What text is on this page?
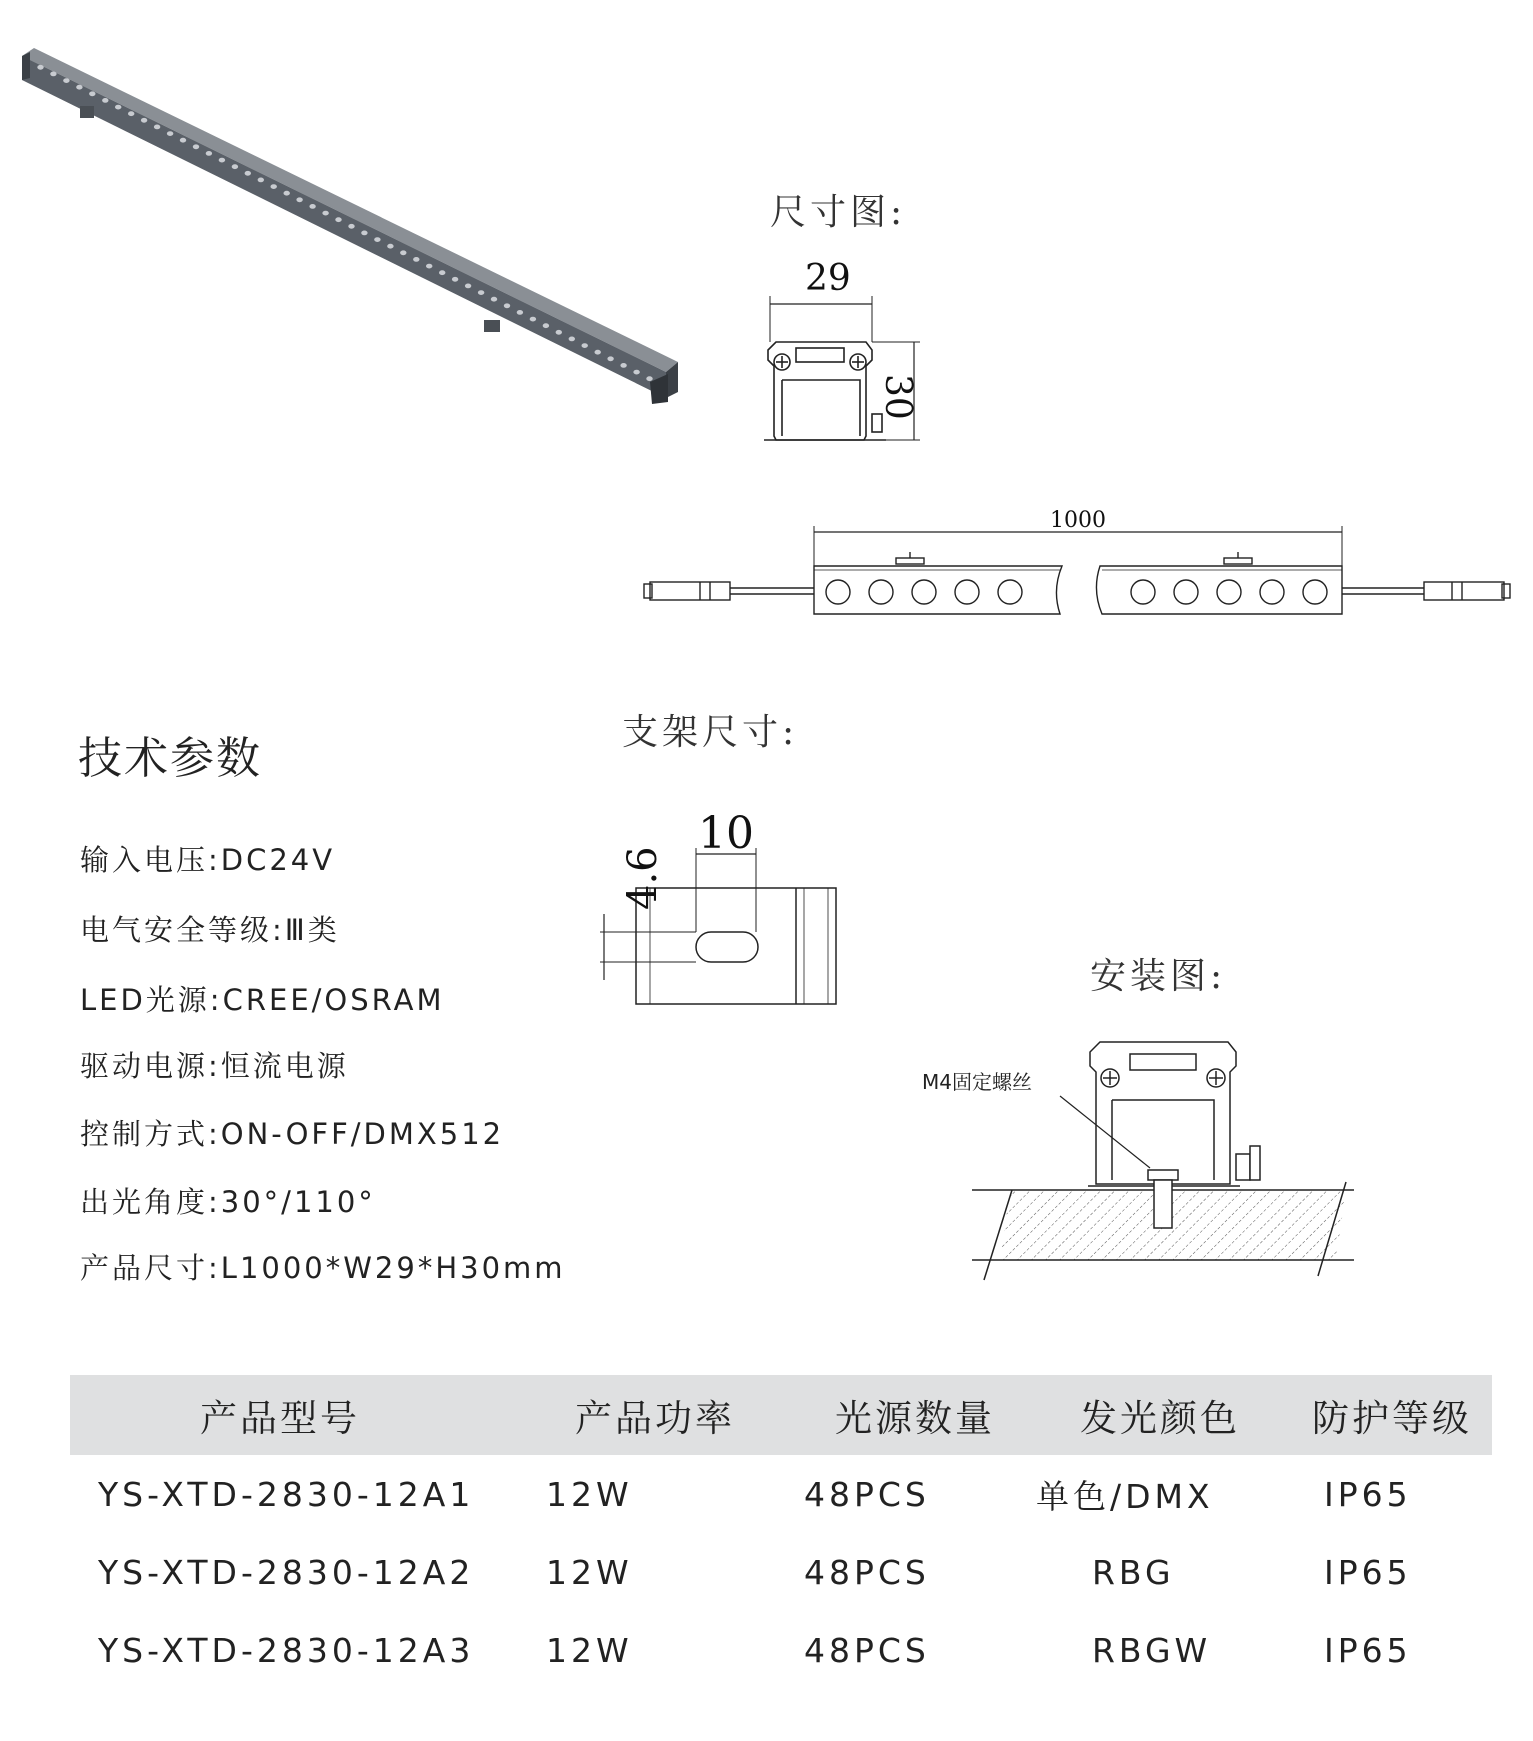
尺寸图:
29
30
1000
支架尺寸:
10
4.6
安装图:
M4固定螺丝
技术参数
输入电压:DC24V
电气安全等级:Ⅲ类
LED光源:CREE/OSRAM
驱动电源:恒流电源
控制方式:ON-OFF/DMX512
出光角度:30°/110°
产品尺寸:L1000*W29*H30mm
产品型号	产品功率	光源数量	发光颜色	防护等级
YS-XTD-2830-12A1 12W	48PCS	单色/DMX	IP65
YS-XTD-2830-12A2 12W	48PCS	RBG	IP65
YS-XTD-2830-12A3 12W	48PCS	RBGW	IP65
